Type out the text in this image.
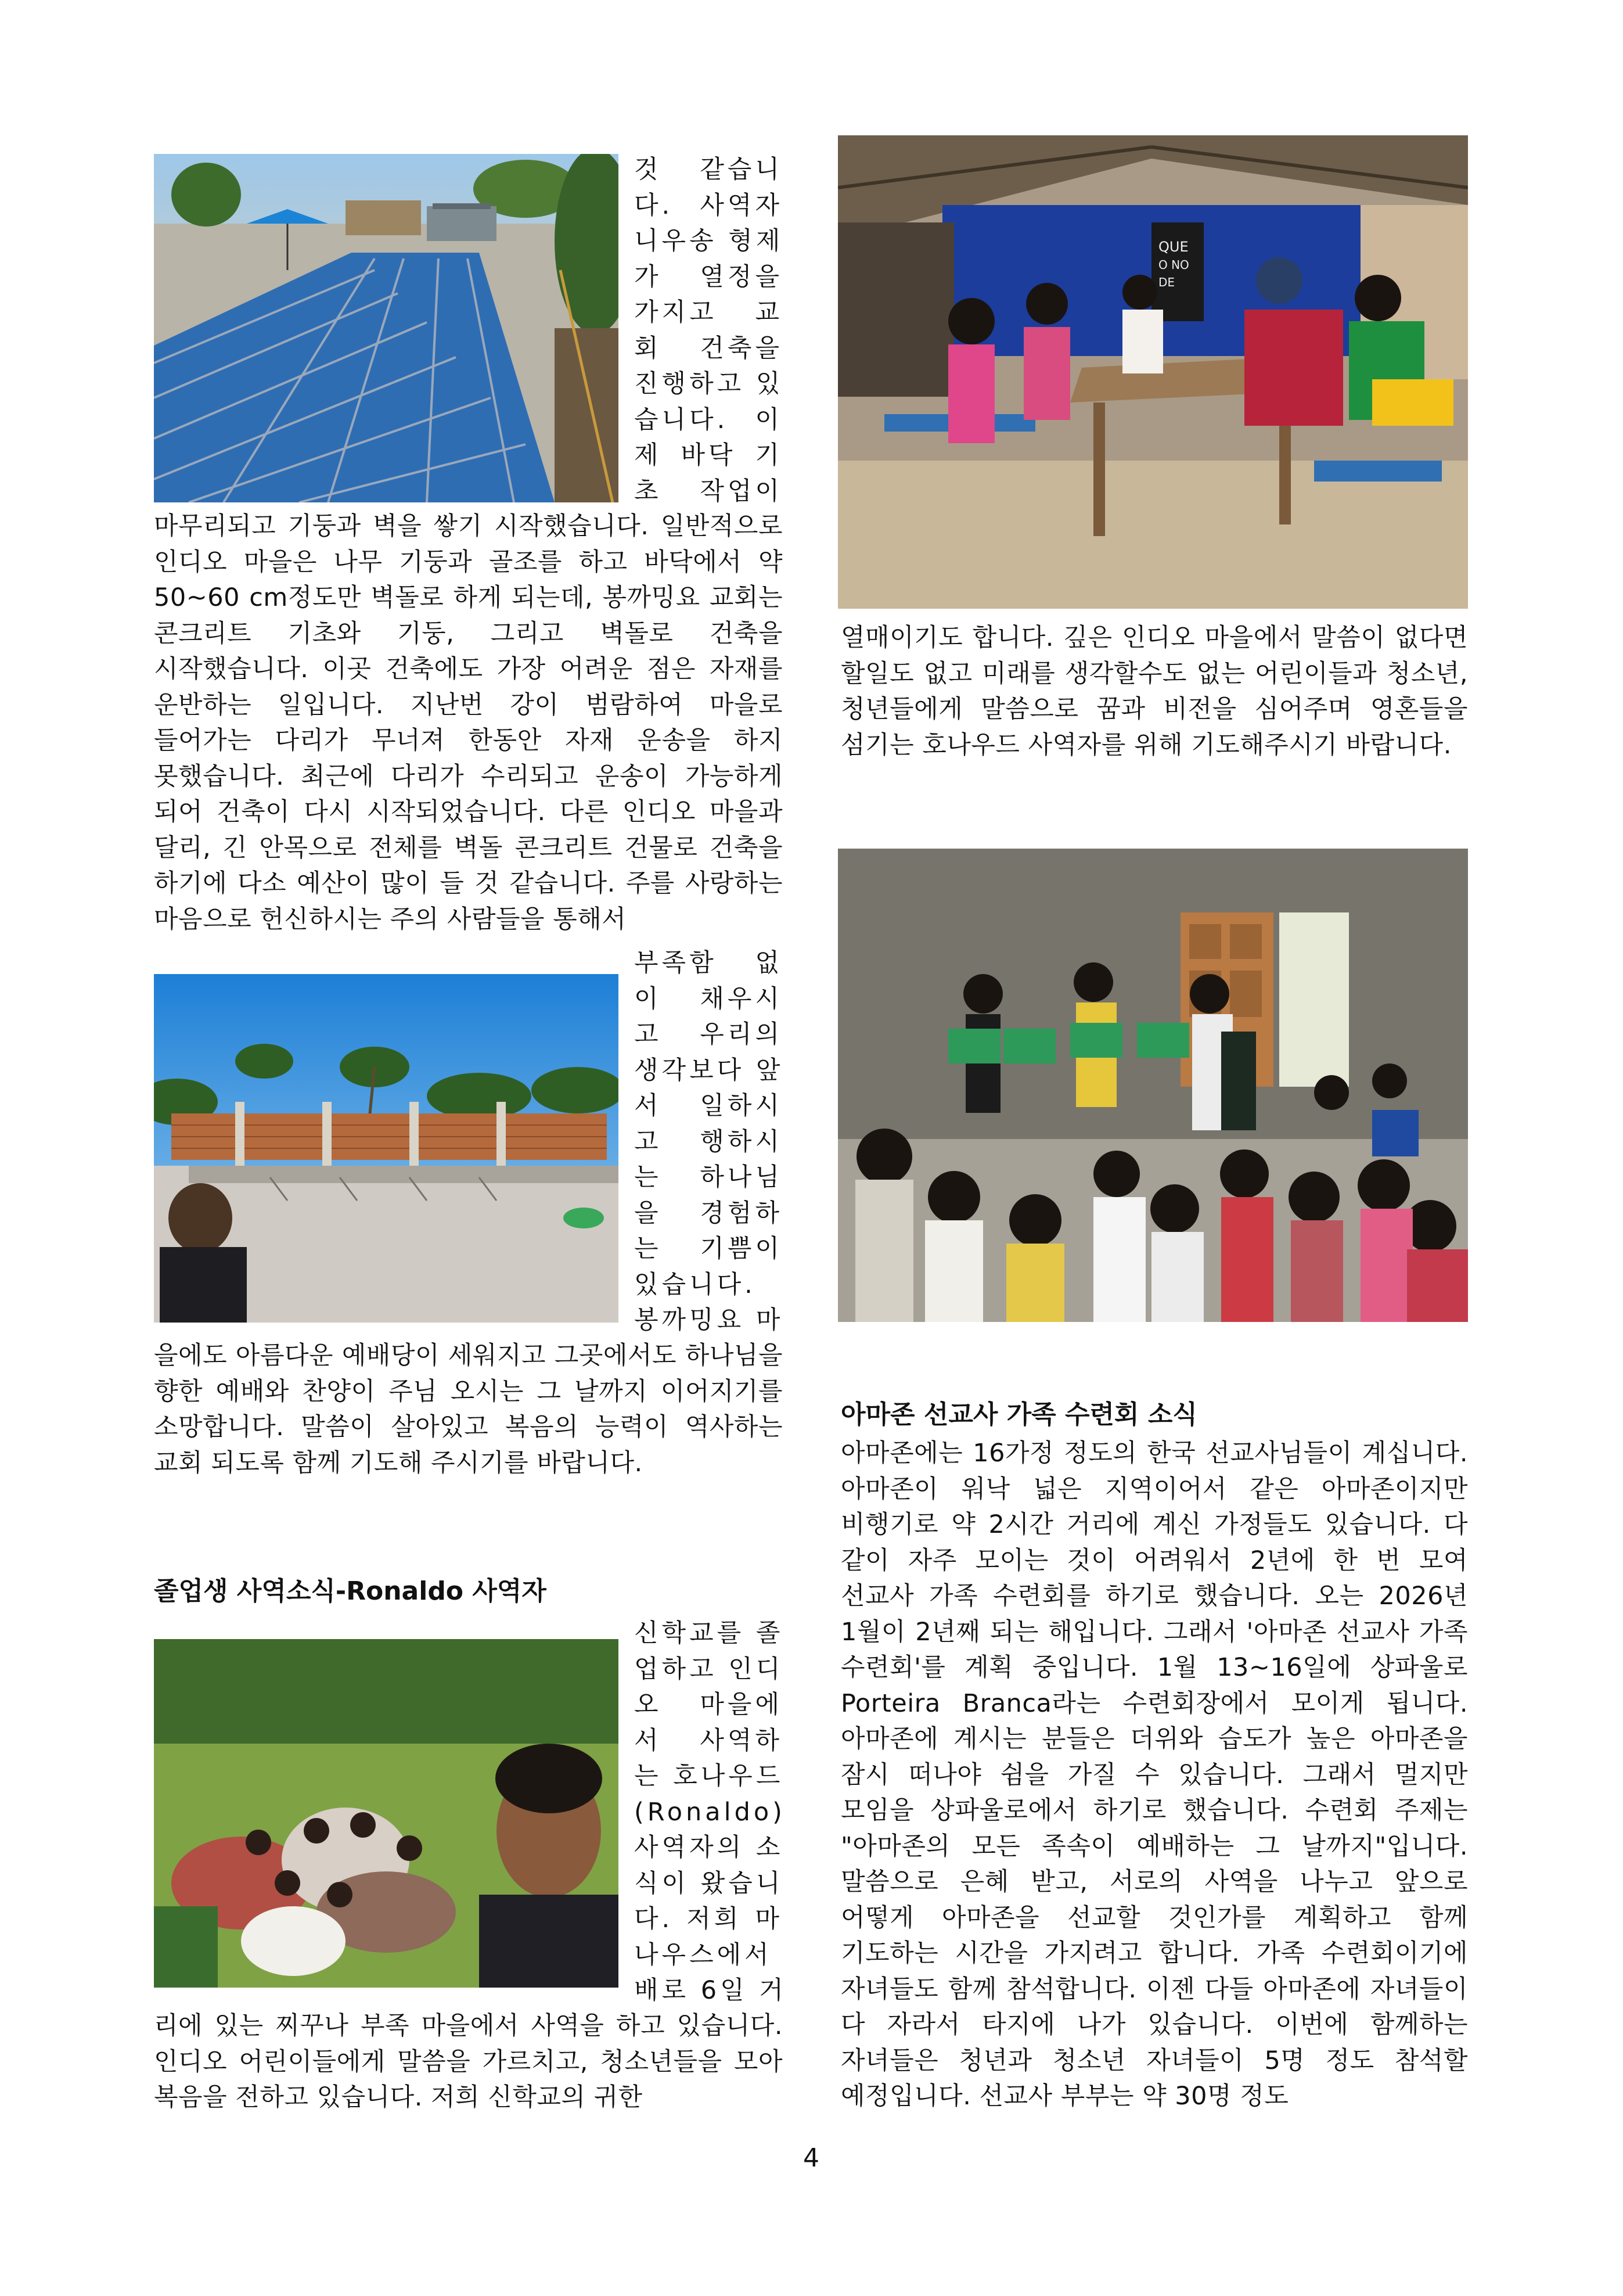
것 같습니
다. 사역자
니우송 형제
가 열정을
가지고 교
회 건축을
진행하고 있
습니다. 이
제 바닥 기
초 작업이
마무리되고 기둥과 벽을 쌓기 시작했습니다. 일반적으로 인디오 마을은 나무 기둥과 골조를 하고 바닥에서 약 50~60 cm정도만 벽돌로 하게 되는데, 봉까밍요 교회는 콘크리트 기초와 기둥, 그리고 벽돌로 건축을 시작했습니다. 이곳 건축에도 가장 어려운 점은 자재를 운반하는 일입니다. 지난번 강이 범람하여 마을로 들어가는 다리가 무너져 한동안 자재 운송을 하지 못했습니다. 최근에 다리가 수리되고 운송이 가능하게 되어 건축이 다시 시작되었습니다. 다른 인디오 마을과 달리, 긴 안목으로 전체를 벽돌 콘크리트 건물로 건축을 하기에 다소 예산이 많이 들 것 같습니다. 주를 사랑하는 마음으로 헌신하시는 주의 사람들을 통해서
부족함 없
이 채우시
고 우리의
생각보다 앞
서 일하시
고 행하시
는 하나님
을 경험하
는 기쁨이
있습니다.
봉까밍요 마
을에도 아름다운 예배당이 세워지고 그곳에서도 하나님을 향한 예배와 찬양이 주님 오시는 그 날까지 이어지기를 소망합니다. 말씀이 살아있고 복음의 능력이 역사하는 교회 되도록 함께 기도해 주시기를 바랍니다.
졸업생 사역소식-Ronaldo 사역자
신학교를 졸
업하고 인디
오 마을에
서 사역하
는 호나우드
(Ronaldo)
사역자의 소
식이 왔습니
다. 저희 마
나우스에서
배로 6일 거
리에 있는 찌꾸나 부족 마을에서 사역을 하고 있습니다. 인디오 어린이들에게 말씀을 가르치고, 청소년들을 모아 복음을 전하고 있습니다. 저희 신학교의 귀한
QUE
O NO
DE
열매이기도 합니다. 깊은 인디오 마을에서 말씀이 없다면 할일도 없고 미래를 생각할수도 없는 어린이들과 청소년, 청년들에게 말씀으로 꿈과 비전을 심어주며 영혼들을 섬기는 호나우드 사역자를 위해 기도해주시기 바랍니다.
아마존 선교사 가족 수련회 소식
아마존에는 16가정 정도의 한국 선교사님들이 계십니다. 아마존이 워낙 넓은 지역이어서 같은 아마존이지만 비행기로 약 2시간 거리에 계신 가정들도 있습니다. 다 같이 자주 모이는 것이 어려워서 2년에 한 번 모여 선교사 가족 수련회를 하기로 했습니다. 오는 2026년 1월이 2년째 되는 해입니다. 그래서 '아마존 선교사 가족 수련회'를 계획 중입니다. 1월 13~16일에 상파울로 Porteira Branca라는 수련회장에서 모이게 됩니다. 아마존에 계시는 분들은 더위와 습도가 높은 아마존을 잠시 떠나야 쉼을 가질 수 있습니다. 그래서 멀지만 모임을 상파울로에서 하기로 했습니다. 수련회 주제는 "아마존의 모든 족속이 예배하는 그 날까지"입니다. 말씀으로 은혜 받고, 서로의 사역을 나누고 앞으로 어떻게 아마존을 선교할 것인가를 계획하고 함께 기도하는 시간을 가지려고 합니다. 가족 수련회이기에 자녀들도 함께 참석합니다. 이젠 다들 아마존에 자녀들이 다 자라서 타지에 나가 있습니다. 이번에 함께하는 자녀들은 청년과 청소년 자녀들이 5명 정도 참석할 예정입니다. 선교사 부부는 약 30명 정도
4
